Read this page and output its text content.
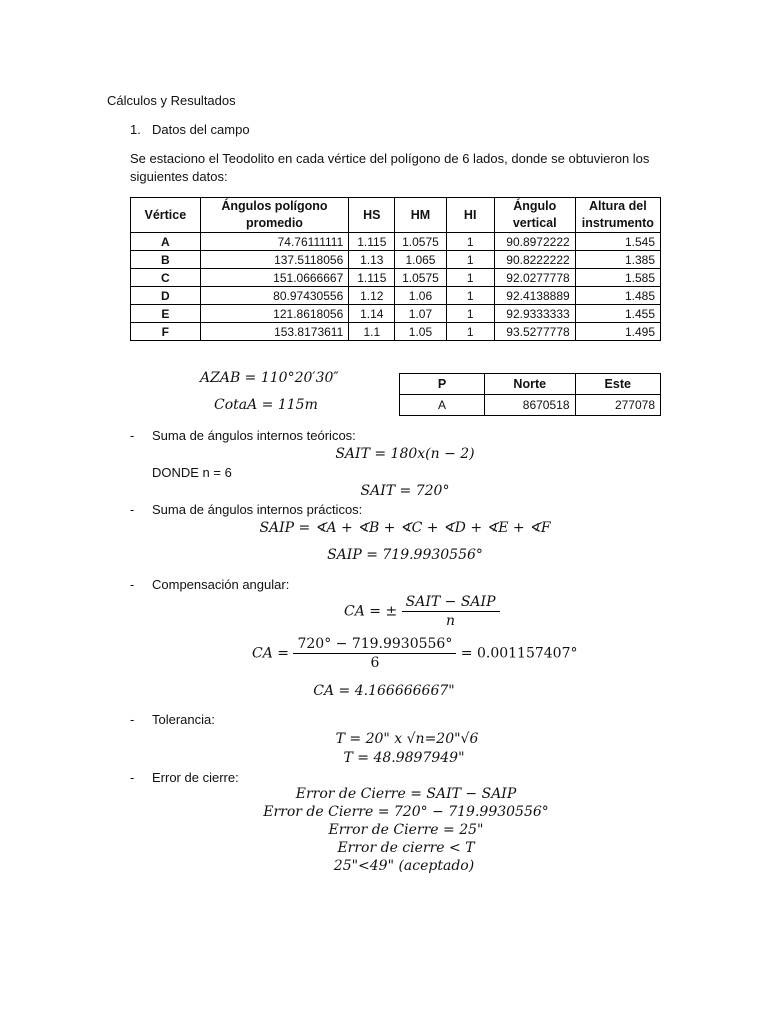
Cálculos y Resultados
1. Datos del campo
Se estaciono el Teodolito en cada vértice del polígono de 6 lados, donde se obtuvieron los siguientes datos:
Vértice	Ángulos polígono promedio	HS	HM	HI	Ángulo vertical	Altura del instrumento
A	74.76111111	1.115	1.0575	1	90.8972222	1.545
B	137.5118056	1.13	1.065	1	90.8222222	1.385
C	151.0666667	1.115	1.0575	1	92.0277778	1.585
D	80.97430556	1.12	1.06	1	92.4138889	1.485
E	121.8618056	1.14	1.07	1	92.9333333	1.455
F	153.8173611	1.1	1.05	1	93.5277778	1.495
AZAB = 110°20′30″
CotaA = 115m
P	Norte	Este
A	8670518	277078
- Suma de ángulos internos teóricos:
SAIT = 180x(n − 2)
DONDE n = 6
SAIT = 720°
- Suma de ángulos internos prácticos:
SAIP = ∢A + ∢B + ∢C + ∢D + ∢E + ∢F
SAIP = 719.9930556°
- Compensación angular:
CA = ± $\frac{\text{SAIT − SAIP}}{n}$
CA = $\frac{720^\circ - 719.9930556^\circ}{6} = 0.001157407^\circ$
CA = 4.166666667"
- Tolerancia:
T = 20" x √n=20"√6
T = 48.9897949"
- Error de cierre:
Error de Cierre = SAIT − SAIP
Error de Cierre = 720° − 719.9930556°
Error de Cierre = 25"
Error de cierre < T
25"<49" (aceptado)
